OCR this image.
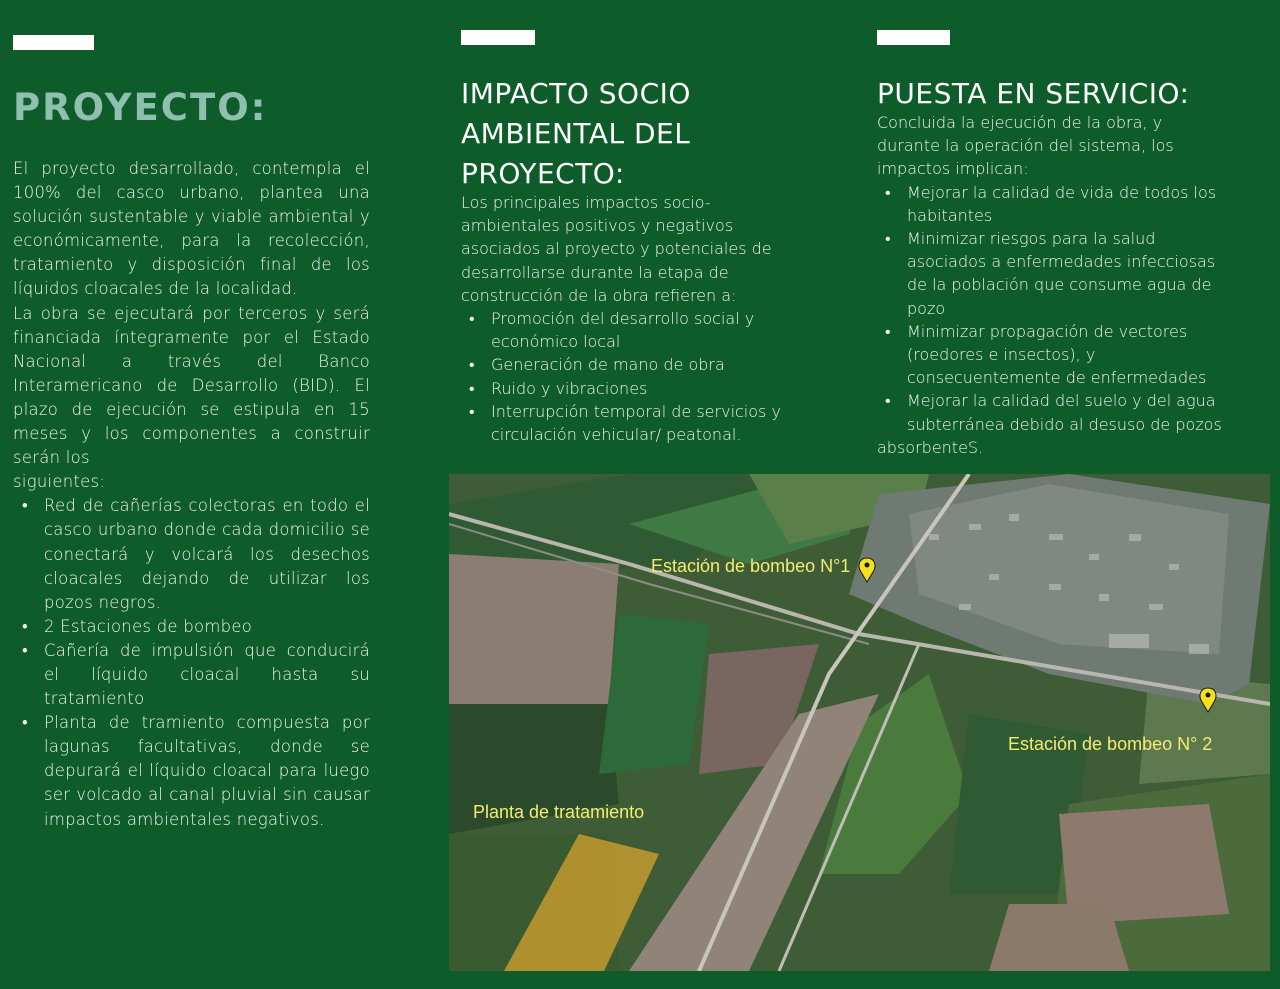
PROYECTO:

El proyecto desarrollado, contempla el 100% del casco urbano, plantea una solución sustentable y viable ambiental y económicamente, para la recolección, tratamiento y disposición final de los líquidos cloacales de la localidad.

La obra se ejecutará por terceros y será financiada íntegramente por el Estado Nacional a través del Banco Interamericano de Desarrollo (BID). El plazo de ejecución se estipula en 15 meses y los componentes a construir serán los

siguientes:

• Red de cañerías colectoras en todo el casco urbano donde cada domicilio se conectará y volcará los desechos cloacales dejando de utilizar los pozos negros.
• 2 Estaciones de bombeo
• Cañería de impulsión que conducirá el líquido cloacal hasta su tratamiento
• Planta de tramiento compuesta por lagunas facultativas, donde se depurará el líquido cloacal para luego ser volcado al canal pluvial sin causar impactos ambientales negativos.
IMPACTO SOCIO
AMBIENTAL DEL
PROYECTO:

Los principales impactos socio-ambientales positivos y negativos asociados al proyecto y potenciales de desarrollarse durante la etapa de construcción de la obra refieren a:

• Promoción del desarrollo social y económico local
• Generación de mano de obra
• Ruido y vibraciones
• Interrupción temporal de servicios y circulación vehicular/ peatonal.
PUESTA EN SERVICIO:

Concluida la ejecución de la obra, y durante la operación del sistema, los impactos implican:

• Mejorar la calidad de vida de todos los habitantes
• Minimizar riesgos para la salud asociados a enfermedades infecciosas de la población que consume agua de pozo
• Minimizar propagación de vectores (roedores e insectos), y consecuentemente de enfermedades
• Mejorar la calidad del suelo y del agua subterránea debido al desuso de pozos

absorbenteS.

Estación de bombeo N°1
Estación de bombeo N° 2
Planta de tratamiento
